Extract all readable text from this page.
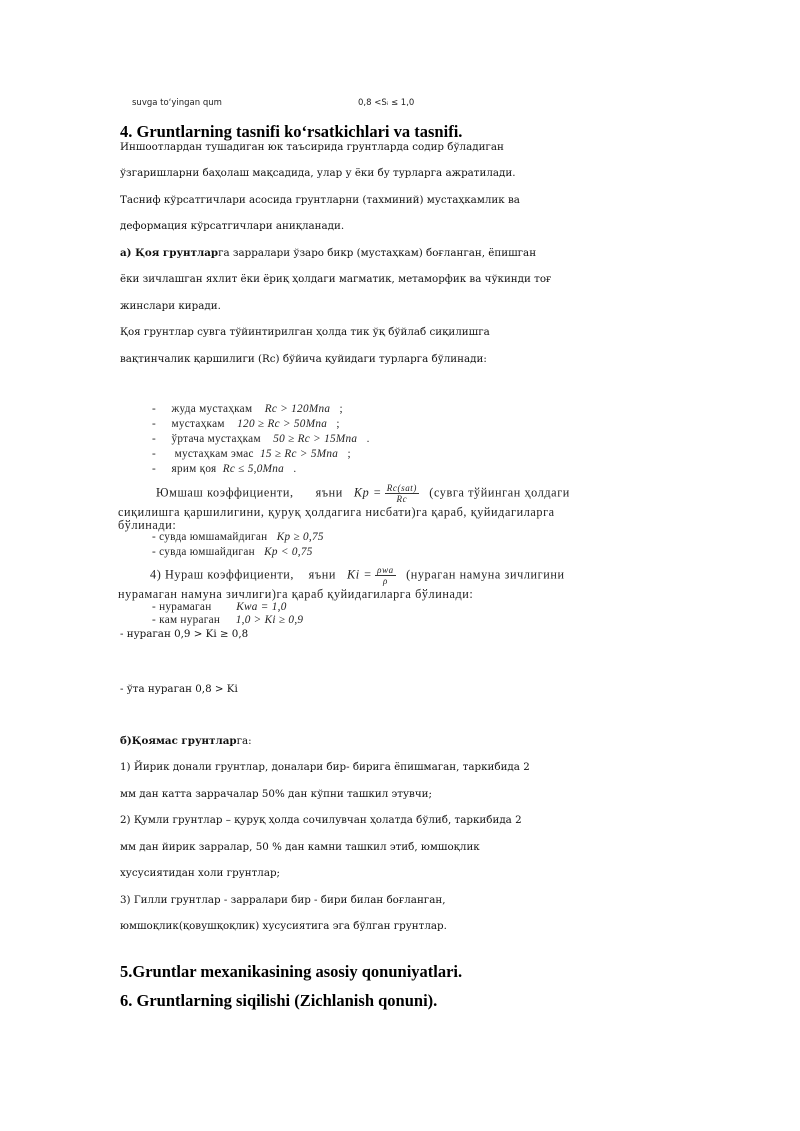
suvga to‘yingan qum	0,8 <Sᵢ ≤ 1,0
4. Gruntlarning tasnifi ko‘rsatkichlari va tasnifi.
Иншоотлардан тушадиган юк таъсирида грунтларда содир бўладиган
ўзгаришларни баҳолаш мақсадида, улар у ёки бу турларга ажратилади.
Тасниф кўрсатгичлари асосида грунтларни (тахминий) мустаҳкамлик ва
деформация кўрсатгичлари аниқланади.
а) Қоя грунтларга зарралари ўзаро бикр (мустаҳкам) боғланган, ёпишган
ёки зичлашган яхлит ёки ёриқ ҳолдаги магматик, метаморфик ва чўкинди тоғ
жинслари киради.
Қоя грунтлар сувга тўйинтирилган ҳолда тик ўқ бўйлаб сиқилишга
вақтинчалик қаршилиги (Rc) бўйича қуйидаги турларга бўлинади:
-     жуда мустаҳкам Rс > 120Мпа ;
-     мустаҳкам 120 ≥ Rс > 50Мпа ;
-     ўртача мустаҳкам 50 ≥ Rс > 15Мпа .
-      мустаҳкам эмас 15 ≥ Rс > 5Мпа ;
-     ярим қоя Rс ≤ 5,0Мпа .
Юмшаш коэффициенти, яъни Kр = $\frac{\text{Rс(sat)}}{Rс}$ (сувга тўйинган ҳолдаги
сиқилишга қаршилигини, қуруқ ҳолдагига нисбати)га қараб, қуйидагиларга
бўлинади:
- сувда юмшамайдиган Kр ≥ 0,75
- сувда юмшайдиган Kр < 0,75
4) Нураш коэффициенти, яъни $Ki = \frac{\text{ρwa}}{\rho}$ (нураган намуна зичлигини
нурамаган намуна зичлиги)га қараб қуйидагиларга бўлинади:
- нурамаган Kwa = 1,0
- кам нураган 1,0 > Ki ≥ 0,9
- нураган 0,9 > Ki ≥ 0,8
- ўта нураган 0,8 > Ki
б)Қоямас грунтларга:
1) Йирик донали грунтлар, доналари бир- бирига ёпишмаган, таркибида 2
мм дан катта заррачалар 50% дан кўпни ташкил этувчи;
2) Қумли грунтлар – қуруқ ҳолда сочилувчан ҳолатда бўлиб, таркибида 2
мм дан йирик зарралар, 50 % дан камни ташкил этиб, юмшоқлик
хусусиятидан холи грунтлар;
3) Гилли грунтлар - зарралари бир - бири билан боғланган,
юмшоқлик(қовушқоқлик) хусусиятига эга бўлган грунтлар.
5.Gruntlar mexanikasining asosiy qonuniyatlari.
6. Gruntlarning siqilishi (Zichlanish qonuni).
